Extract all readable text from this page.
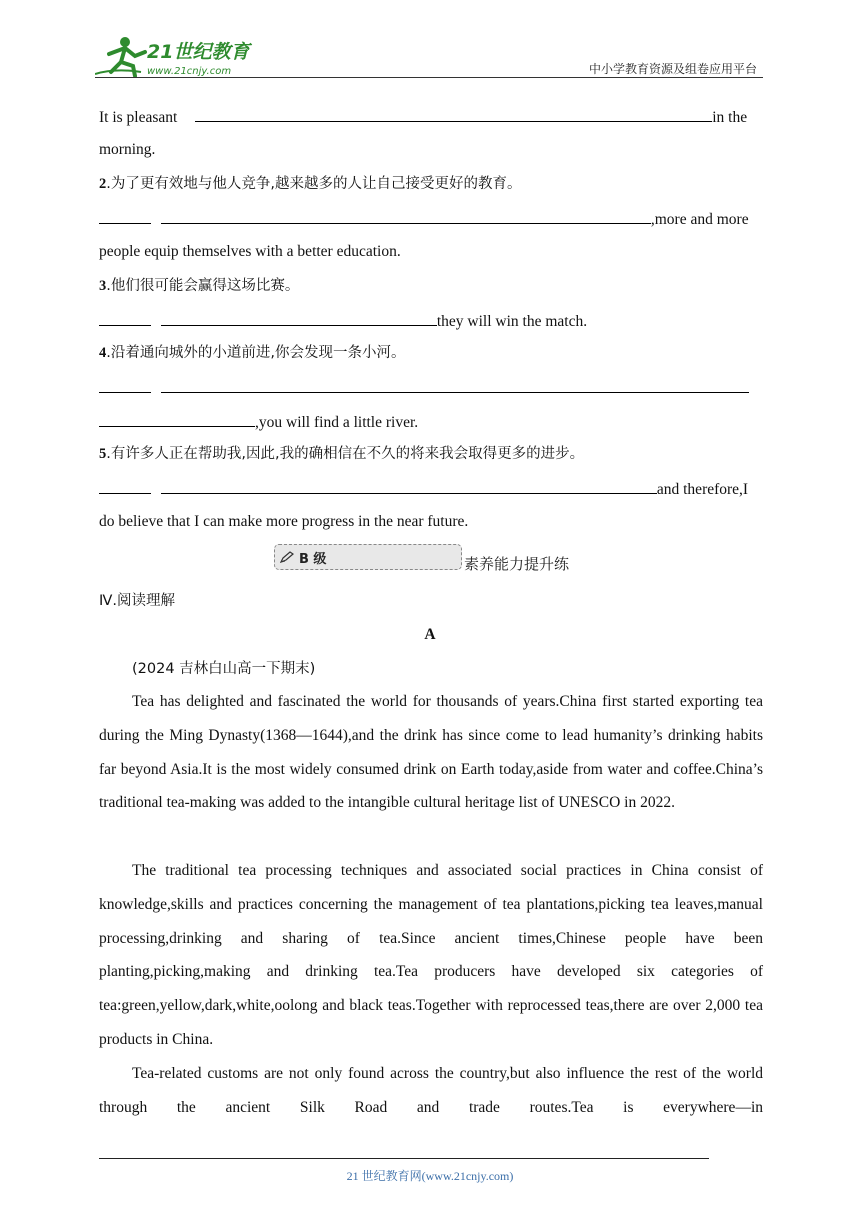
21世纪教育
www.21cnjy.com	中小学教育资源及组卷应用平台
It is pleasant	in the
morning.
2.为了更有效地与他人竞争,越来越多的人让自己接受更好的教育。
,more and more
people equip themselves with a better education.
3.他们很可能会赢得这场比赛。
they will win the match.
4.沿着通向城外的小道前进,你会发现一条小河。

,you will find a little river.
5.有许多人正在帮助我,因此,我的确相信在不久的将来我会取得更多的进步。
and therefore,I
do believe that I can make more progress in the near future.
B 级	素养能力提升练
Ⅳ.阅读理解
A
(2024 吉林白山高一下期末)
Tea has delighted and fascinated the world for thousands of years.China first started exporting tea during the Ming Dynasty(1368—1644),and the drink has since come to lead humanity’s drinking habits far beyond Asia.It is the most widely consumed drink on Earth today,aside from water and coffee.China’s traditional tea-making was added to the intangible cultural heritage list of UNESCO in 2022.
The traditional tea processing techniques and associated social practices in China consist of knowledge,skills and practices concerning the management of tea plantations,picking tea leaves,manual processing,drinking and sharing of tea.Since ancient times,Chinese people have been planting,picking,making and drinking tea.Tea producers have developed six categories of tea:green,yellow,dark,white,oolong and black teas.Together with reprocessed teas,there are over 2,000 tea products in China.
Tea-related customs are not only found across the country,but also influence the rest of the world through the ancient Silk Road and trade routes.Tea is everywhere—in
21 世纪教育网(www.21cnjy.com)
